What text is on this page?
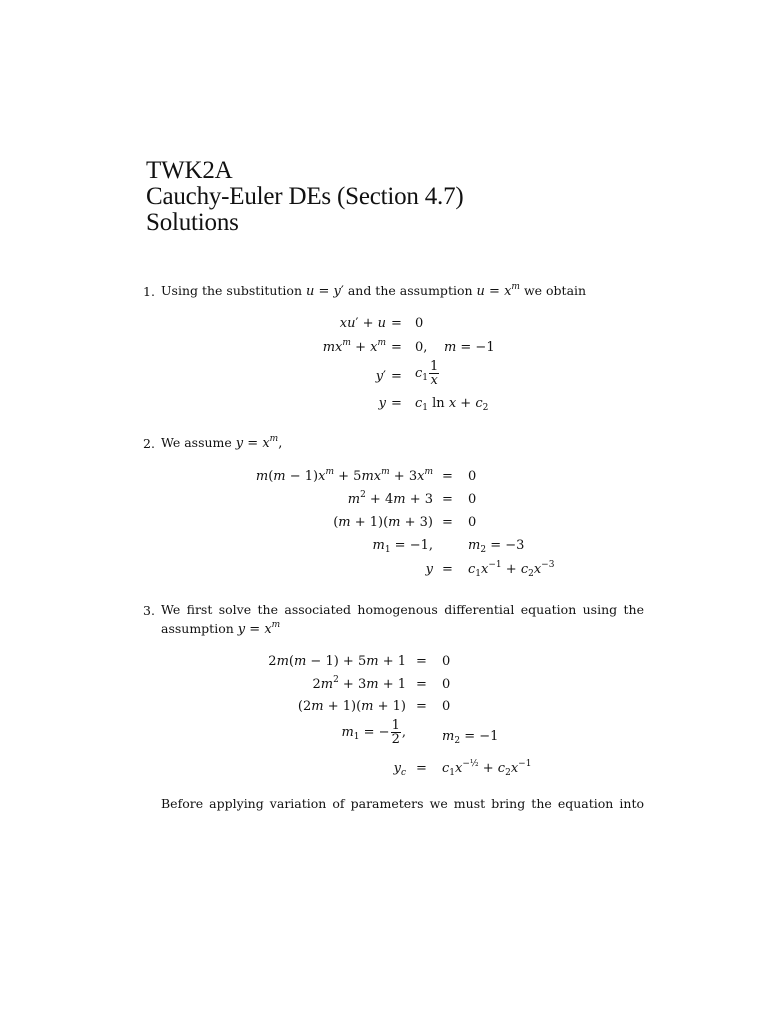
TWK2A
Cauchy-Euler DEs (Section 4.7)
Solutions
1. Using the substitution u = y′ and the assumption $u = x^m$ we obtain
xu′ + u = 0
$mx^m + x^m = 0$,    m = −1
$y' = c_1 \frac{1}{x}$
$y = c_1$ $\ln x + c_2$
2. We assume $y = x^m$,
$m(m - 1)x^m + 5mx^m + 3x^m = 0$
$m^2 + 4m + 3 = 0$
(m + 1)(m + 3) = 0
$m_1 = -1$,	$m_2 = -3$
$y = c_1x^{-1} + c_2x^{-3}$
3. We first solve the associated homogenous differential equation using the
assumption $y = x^m$
2m(m − 1) + 5m + 1 = 0
$2m^2 + 3m + 1 = 0$
(2m + 1)(m + 1) = 0
$m_1$ = − $\frac{1}{2}$ ,	$m_2 = -1$
$y_c = c_1x^{-\frac{1}{2}} + c_2x^{-1}$
Before applying variation of parameters we must bring the equation into
